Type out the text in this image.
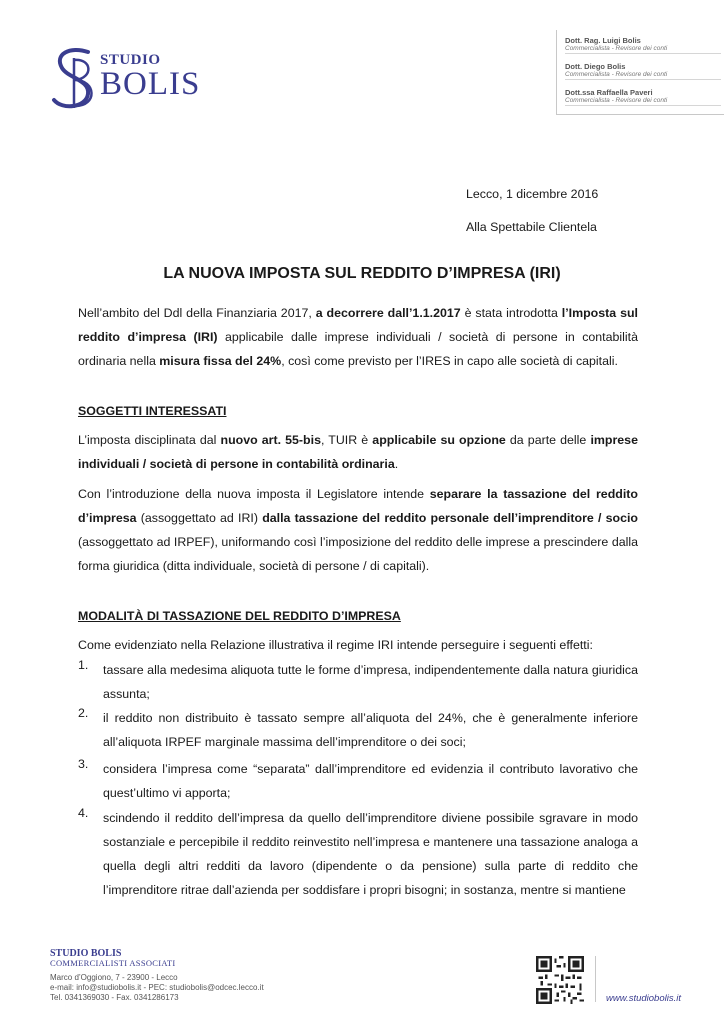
STUDIO
BOLIS
Dott. Rag. Luigi Bolis
Commercialista - Revisore dei conti
Dott. Diego Bolis
Commercialista - Revisore dei conti
Dott.ssa Raffaella Paveri
Commercialista - Revisore dei conti
Lecco, 1 dicembre 2016
Alla Spettabile Clientela
LA NUOVA IMPOSTA SUL REDDITO D’IMPRESA (IRI)
Nell’ambito del Ddl della Finanziaria 2017, a decorrere dall’1.1.2017 è stata introdotta l’Imposta sul reddito d’impresa (IRI) applicabile dalle imprese individuali / società di persone in contabilità ordinaria nella misura fissa del 24%, così come previsto per l’IRES in capo alle società di capitali.
SOGGETTI INTERESSATI
L’imposta disciplinata dal nuovo art. 55-bis, TUIR è applicabile su opzione da parte delle imprese individuali / società di persone in contabilità ordinaria.
Con l’introduzione della nuova imposta il Legislatore intende separare la tassazione del reddito d’impresa (assoggettato ad IRI) dalla tassazione del reddito personale dell’imprenditore / socio (assoggettato ad IRPEF), uniformando così l’imposizione del reddito delle imprese a prescindere dalla forma giuridica (ditta individuale, società di persone / di capitali).
MODALITÀ DI TASSAZIONE DEL REDDITO D’IMPRESA
Come evidenziato nella Relazione illustrativa il regime IRI intende perseguire i seguenti effetti:
1.	tassare alla medesima aliquota tutte le forme d’impresa, indipendentemente dalla natura giuridica assunta;
2.	il reddito non distribuito è tassato sempre all’aliquota del 24%, che è generalmente inferiore all’aliquota IRPEF marginale massima dell’imprenditore o dei soci;
3.	considera l’impresa come “separata” dall’imprenditore ed evidenzia il contributo lavorativo che quest’ultimo vi apporta;
4.	scindendo il reddito dell’impresa da quello dell’imprenditore diviene possibile sgravare in modo sostanziale e percepibile il reddito reinvestito nell’impresa e mantenere una tassazione analoga a quella degli altri redditi da lavoro (dipendente o da pensione) sulla parte di reddito che l’imprenditore ritrae dall’azienda per soddisfare i propri bisogni; in sostanza, mentre si mantiene
STUDIO BOLIS
COMMERCIALISTI ASSOCIATI
Marco d’Oggiono, 7 - 23900 - Lecco
e-mail: info@studiobolis.it - PEC: studiobolis@odcec.lecco.it
Tel. 0341369030 - Fax. 0341286173	www.studiobolis.it
